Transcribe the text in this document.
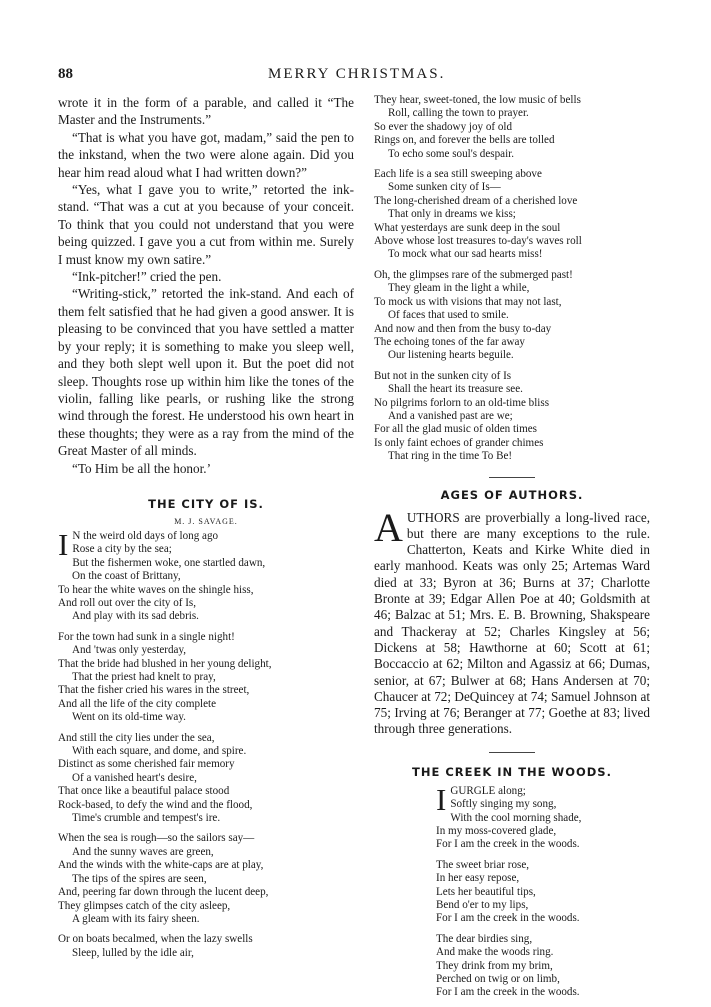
88	MERRY CHRISTMAS.

wrote it in the form of a parable, and called it “The Master and the Instruments.”

“That is what you have got, madam,” said the pen to the inkstand, when the two were alone again. Did you hear him read aloud what I had written down?”

“Yes, what I gave you to write,” retorted the ink-stand. “That was a cut at you because of your conceit. To think that you could not understand that you were being quizzed. I gave you a cut from within me. Surely I must know my own satire.”

“Ink-pitcher!” cried the pen.

“Writing-stick,” retorted the ink-stand. And each of them felt satisfied that he had given a good answer. It is pleasing to be convinced that you have settled a matter by your reply; it is something to make you sleep well, and they both slept well upon it. But the poet did not sleep. Thoughts rose up within him like the tones of the violin, falling like pearls, or rushing like the strong wind through the forest. He understood his own heart in these thoughts; they were as a ray from the mind of the Great Master of all minds.

“To Him be all the honor.’

THE CITY OF IS.
M. J. SAVAGE.
I N the weird old days of long ago
Rose a city by the sea;
But the fishermen woke, one startled dawn,
On the coast of Brittany,
To hear the white waves on the shingle hiss,
And roll out over the city of Is,
And play with its sad debris.
For the town had sunk in a single night!
And 'twas only yesterday,
That the bride had blushed in her young delight,
That the priest had knelt to pray,
That the fisher cried his wares in the street,
And all the life of the city complete
Went on its old-time way.
And still the city lies under the sea,
With each square, and dome, and spire.
Distinct as some cherished fair memory
Of a vanished heart's desire,
That once like a beautiful palace stood
Rock-based, to defy the wind and the flood,
Time's crumble and tempest's ire.
When the sea is rough—so the sailors say—
And the sunny waves are green,
And the winds with the white-caps are at play,
The tips of the spires are seen,
And, peering far down through the lucent deep,
They glimpses catch of the city asleep,
A gleam with its fairy sheen.
Or on boats becalmed, when the lazy swells
Sleep, lulled by the idle air,
They hear, sweet-toned, the low music of bells
Roll, calling the town to prayer.
So ever the shadowy joy of old
Rings on, and forever the bells are tolled
To echo some soul's despair.
Each life is a sea still sweeping above
Some sunken city of Is—
The long-cherished dream of a cherished love
That only in dreams we kiss;
What yesterdays are sunk deep in the soul
Above whose lost treasures to-day's waves roll
To mock what our sad hearts miss!
Oh, the glimpses rare of the submerged past!
They gleam in the light a while,
To mock us with visions that may not last,
Of faces that used to smile.
And now and then from the busy to-day
The echoing tones of the far away
Our listening hearts beguile.
But not in the sunken city of Is
Shall the heart its treasure see.
No pilgrims forlorn to an old-time bliss
And a vanished past are we;
For all the glad music of olden times
Is only faint echoes of grander chimes
That ring in the time To Be!
AGES OF AUTHORS.

AUTHORS are proverbially a long-lived race, but there are many exceptions to the rule. Chatterton, Keats and Kirke White died in early manhood. Keats was only 25; Artemas Ward died at 33; Byron at 36; Burns at 37; Charlotte Bronte at 39; Edgar Allen Poe at 40; Goldsmith at 46; Balzac at 51; Mrs. E. B. Browning, Shakspeare and Thackeray at 52; Charles Kingsley at 56; Dickens at 58; Hawthorne at 60; Scott at 61; Boccaccio at 62; Milton and Agassiz at 66; Dumas, senior, at 67; Bulwer at 68; Hans Andersen at 70; Chaucer at 72; DeQuincey at 74; Samuel Johnson at 75; Irving at 76; Beranger at 77; Goethe at 83; lived through three generations.

THE CREEK IN THE WOODS.
I GURGLE along;
Softly singing my song,
With the cool morning shade,
In my moss-covered glade,
For I am the creek in the woods.
The sweet briar rose,
In her easy repose,
Lets her beautiful tips,
Bend o'er to my lips,
For I am the creek in the woods.
The dear birdies sing,
And make the woods ring.
They drink from my brim,
Perched on twig or on limb,
For I am the creek in the woods.
